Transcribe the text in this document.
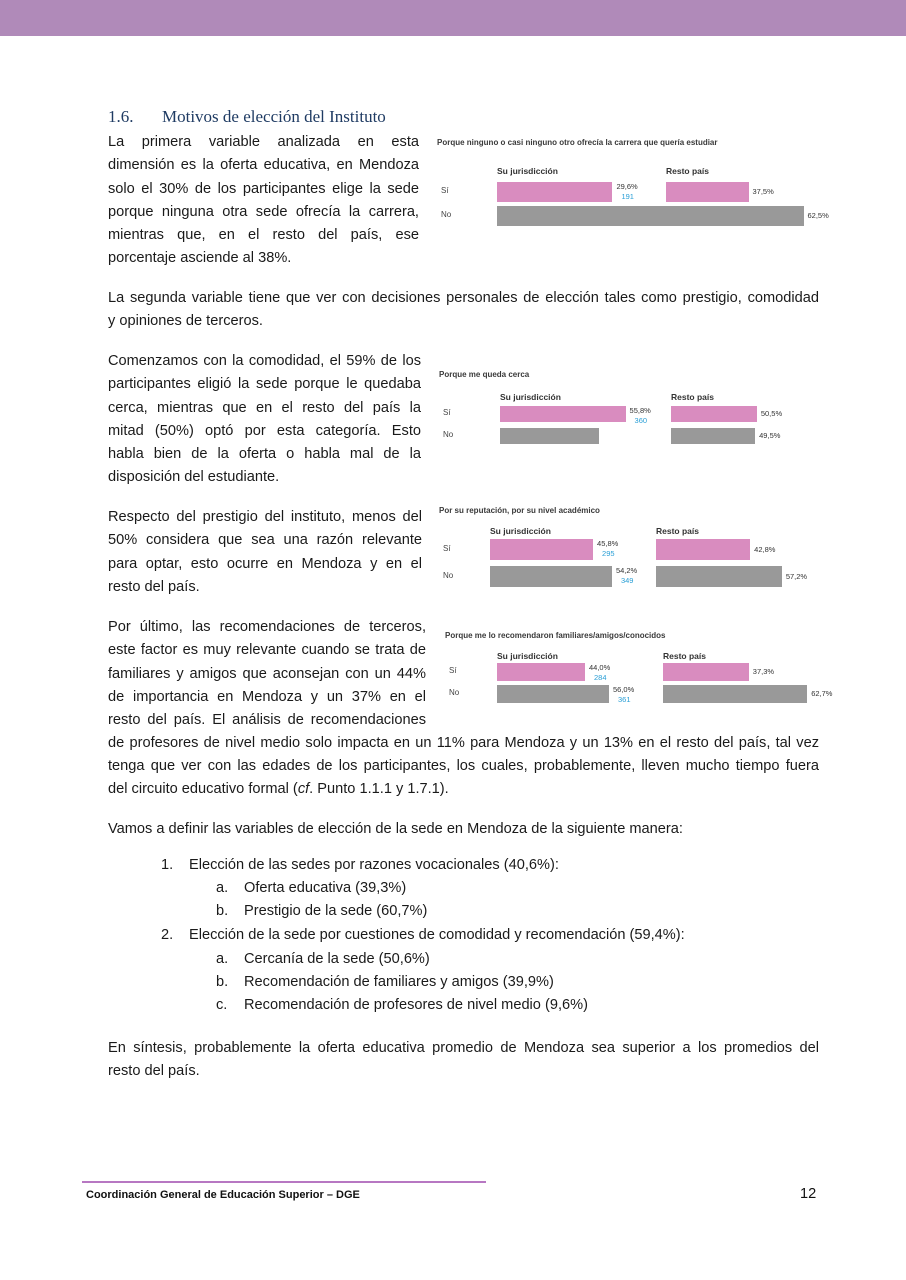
1.6. Motivos de elección del Instituto
La primera variable analizada en esta
dimensión es la oferta educativa, en Mendoza
solo el 30% de los participantes elige la sede
porque ninguna otra sede ofrecía la carrera,
mientras que, en el resto del país, ese
porcentaje asciende al 38%.
La segunda variable tiene que ver con decisiones personales de elección tales como prestigio, comodidad
y opiniones de terceros.
Comenzamos con la comodidad, el 59% de los
participantes eligió la sede porque le quedaba
cerca, mientras que en el resto del país la
mitad (50%) optó por esta categoría. Esto
habla bien de la oferta o habla mal de la
disposición del estudiante.
Respecto del prestigio del instituto, menos del
50% considera que sea una razón relevante
para optar, esto ocurre en Mendoza y en el
resto del país.
Por último, las recomendaciones de terceros,
este factor es muy relevante cuando se trata de
familiares y amigos que aconsejan con un 44%
de importancia en Mendoza y un 37% en el
resto del país. El análisis de recomendaciones
de profesores de nivel medio solo impacta en un 11% para Mendoza y un 13% en el resto del país, tal vez
tenga que ver con las edades de los participantes, los cuales, probablemente, lleven mucho tiempo fuera
del circuito educativo formal (cf. Punto 1.1.1 y 1.7.1).
Vamos a definir las variables de elección de la sede en Mendoza de la siguiente manera:
1. Elección de las sedes por razones vocacionales (40,6%):
a. Oferta educativa (39,3%)
b. Prestigio de la sede (60,7%)
2. Elección de la sede por cuestiones de comodidad y recomendación (59,4%):
a. Cercanía de la sede (50,6%)
b. Recomendación de familiares y amigos (39,9%)
c. Recomendación de profesores de nivel medio (9,6%)
En síntesis, probablemente la oferta educativa promedio de Mendoza sea superior a los promedios del
resto del país.
Porque ninguno o casi ninguno otro ofrecía la carrera que quería estudiar
Sí
No
Su jurisdicción
29,6%
191
Resto país
37,5%
62,5%
Porque me queda cerca
Sí
No
Su jurisdicción
55,8%
360
Resto país
50,5%
49,5%
Por su reputación, por su nivel académico
Sí
No
Su jurisdicción
45,8%
295
54,2%
349
Resto país
42,8%
57,2%
Porque me lo recomendaron familiares/amigos/conocidos
Sí
No
Su jurisdicción
44,0%
284
56,0%
361
Resto país
37,3%
62,7%
Coordinación General de Educación Superior – DGE	12
